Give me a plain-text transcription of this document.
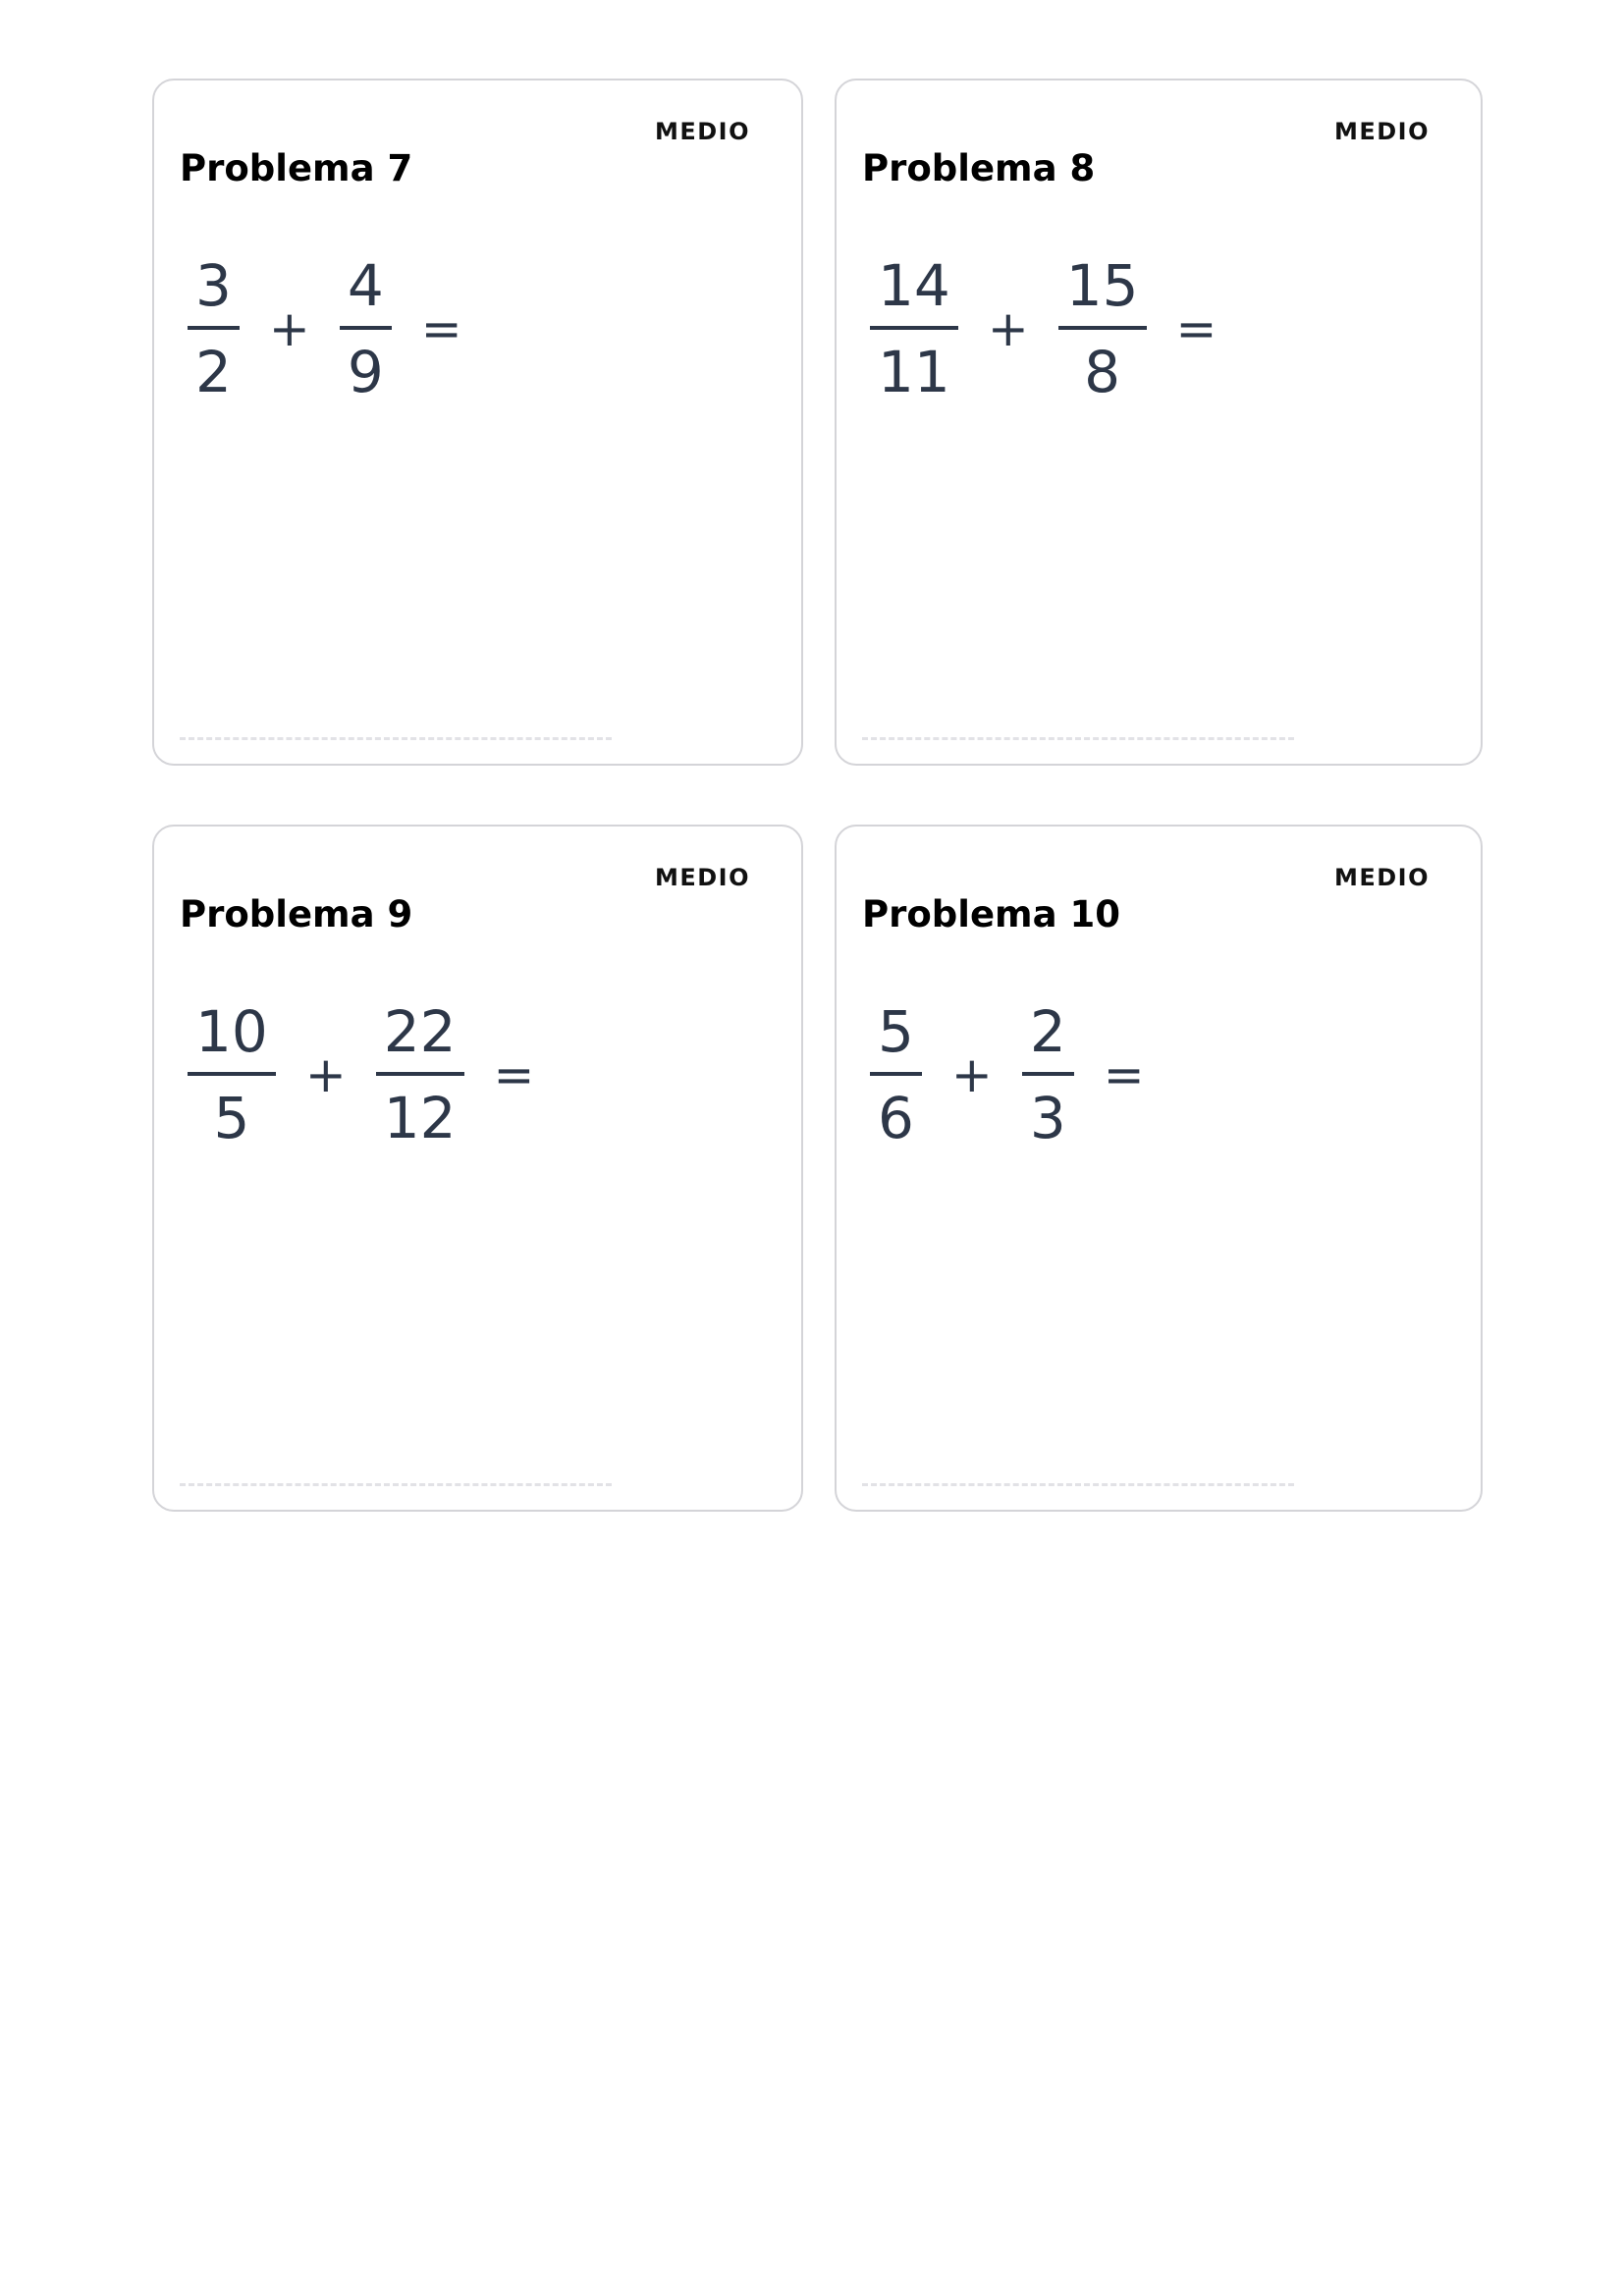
MEDIO
Problema 7
$\frac{3}{2} + \frac{4}{9}$ =
MEDIO
Problema 8
$\frac{14}{11} + \frac{15}{8}$ =
MEDIO
Problema 9
$\frac{10}{5} + \frac{22}{12}$ =
MEDIO
Problema 10
$\frac{5}{6} + \frac{2}{3}$ =
